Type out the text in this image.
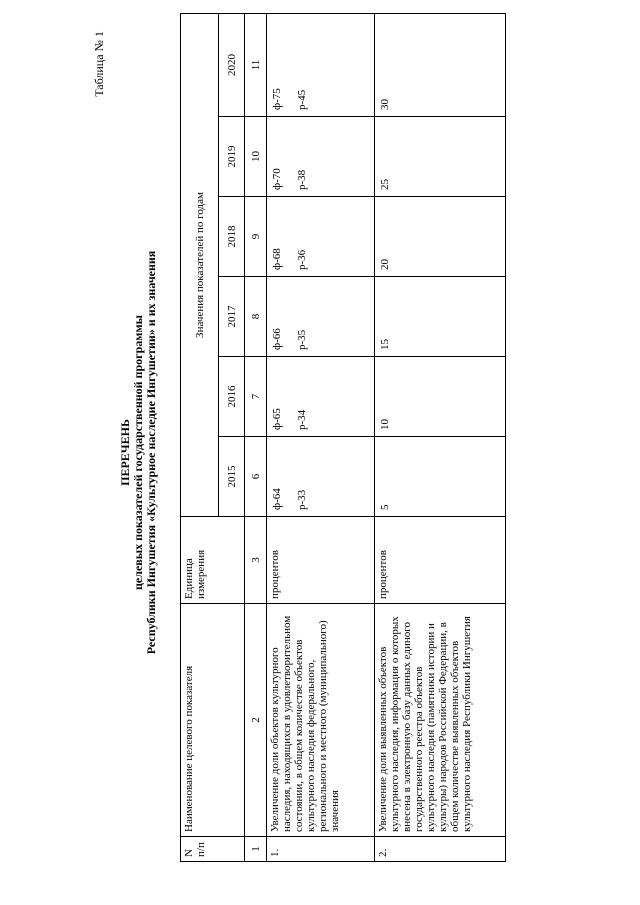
Таблица № 1
ПЕРЕЧЕНЬ целевых показателей государственной программы Республики Ингушетия «Культурное наследие Ингушетии» и их значения
N п/п	Наименование целевого показателя	Единица измерения	Значения показателей по годам					
			2015	2016	2017	2018	2019	2020
1	2	3	6	7	8	9	10	11
1.	Увеличение доли объектов культурного наследия, находящихся в удовлетворительном состоянии, в общем количестве объектов культурного наследия федерального, регионального и местного (муниципального) значения	процентов	ф-64 р-33	ф-65 р-34	ф-66 р-35	ф-68 р-36	ф-70 р-38	ф-75 р-45

2.	Увеличение доли выявленных объектов культурного наследия, информация о которых внесена в электронную базу данных единого государственного реестра объектов культурного наследия (памятники истории и культуры) народов Российской Федерации, в общем количестве выявленных объектов культурного наследия Республики Ингушетия	процентов	5	10	15	20	25	30
